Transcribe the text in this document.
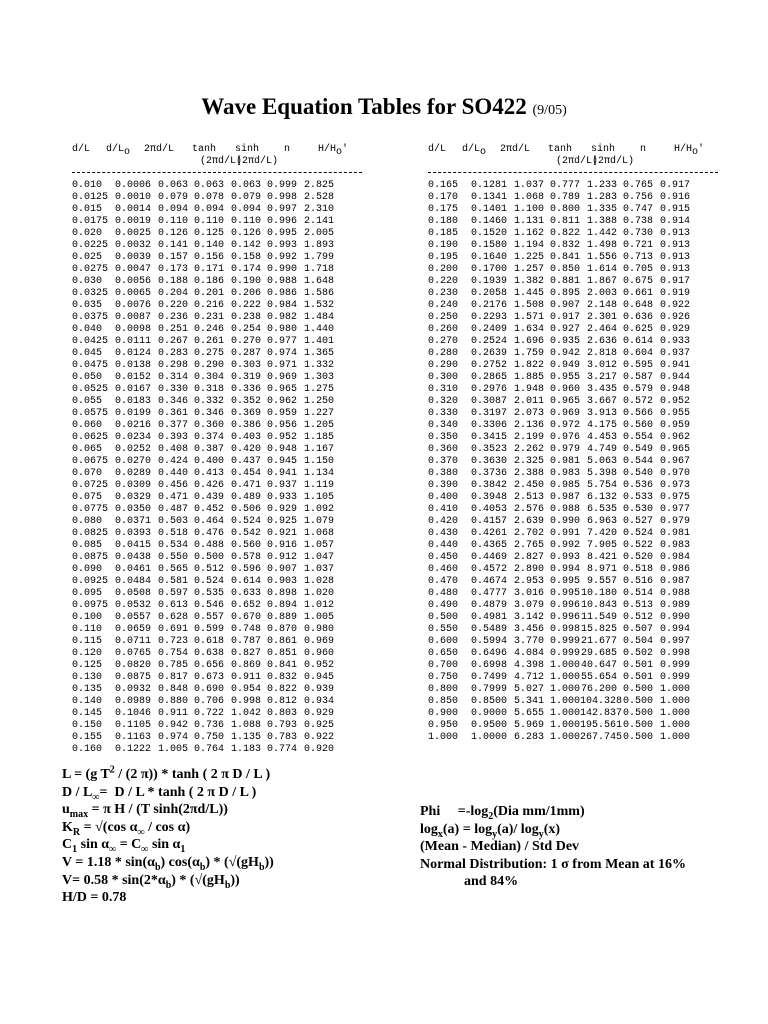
Wave Equation Tables for SO422 (9/05)
d/L $d/L_o$ 2πd/L tanh sinh n	$H/H_o'$
(2πd/L)
(2πd/L)
0.010 0.0006 0.063 0.063 0.063 0.999 2.825
0.0125 0.0010 0.079 0.078 0.079 0.998 2.528
0.015 0.0014 0.094 0.094 0.094 0.997 2.310
0.0175 0.0019 0.110 0.110 0.110 0.996 2.141
0.020 0.0025 0.126 0.125 0.126 0.995 2.005
0.0225 0.0032 0.141 0.140 0.142 0.993 1.893
0.025 0.0039 0.157 0.156 0.158 0.992 1.799
0.0275 0.0047 0.173 0.171 0.174 0.990 1.718
0.030 0.0056 0.188 0.186 0.190 0.988 1.648
0.0325 0.0065 0.204 0.201 0.206 0.986 1.586
0.035 0.0076 0.220 0.216 0.222 0.984 1.532
0.0375 0.0087 0.236 0.231 0.238 0.982 1.484
0.040 0.0098 0.251 0.246 0.254 0.980 1.440
0.0425 0.0111 0.267 0.261 0.270 0.977 1.401
0.045 0.0124 0.283 0.275 0.287 0.974 1.365
0.0475 0.0138 0.298 0.290 0.303 0.971 1.332
0.050 0.0152 0.314 0.304 0.319 0.969 1.303
0.0525 0.0167 0.330 0.318 0.336 0.965 1.275
0.055 0.0183 0.346 0.332 0.352 0.962 1.250
0.0575 0.0199 0.361 0.346 0.369 0.959 1.227
0.060 0.0216 0.377 0.360 0.386 0.956 1.205
0.0625 0.0234 0.393 0.374 0.403 0.952 1.185
0.065 0.0252 0.408 0.387 0.420 0.948 1.167
0.0675 0.0270 0.424 0.400 0.437 0.945 1.150
0.070 0.0289 0.440 0.413 0.454 0.941 1.134
0.0725 0.0309 0.456 0.426 0.471 0.937 1.119
0.075 0.0329 0.471 0.439 0.489 0.933 1.105
0.0775 0.0350 0.487 0.452 0.506 0.929 1.092
0.080 0.0371 0.503 0.464 0.524 0.925 1.079
0.0825 0.0393 0.518 0.476 0.542 0.921 1.068
0.085 0.0415 0.534 0.488 0.560 0.916 1.057
0.0875 0.0438 0.550 0.500 0.578 0.912 1.047
0.090 0.0461 0.565 0.512 0.596 0.907 1.037
0.0925 0.0484 0.581 0.524 0.614 0.903 1.028
0.095 0.0508 0.597 0.535 0.633 0.898 1.020
0.0975 0.0532 0.613 0.546 0.652 0.894 1.012
0.100 0.0557 0.628 0.557 0.670 0.889 1.005
0.110 0.0659 0.691 0.599 0.748 0.870 0.980
0.115 0.0711 0.723 0.618 0.787 0.861 0.969
0.120 0.0765 0.754 0.638 0.827 0.851 0.960
0.125 0.0820 0.785 0.656 0.869 0.841 0.952
0.130 0.0875 0.817 0.673 0.911 0.832 0.945
0.135 0.0932 0.848 0.690 0.954 0.822 0.939
0.140 0.0989 0.880 0.706 0.998 0.812 0.934
0.145 0.1046 0.911 0.722 1.042 0.803 0.929
0.150 0.1105 0.942 0.736 1.088 0.793 0.925
0.155 0.1163 0.974 0.750 1.135 0.783 0.922
0.160 0.1222 1.005 0.764 1.183 0.774 0.920
d/L $d/L_o$ 2πd/L tanh sinh n	$H/H_o'$
(2πd/L)
(2πd/L)
0.165 0.1281 1.037 0.777 1.233 0.765 0.917
0.170 0.1341 1.068 0.789 1.283 0.756 0.916
0.175 0.1401 1.100 0.800 1.335 0.747 0.915
0.180 0.1460 1.131 0.811 1.388 0.738 0.914
0.185 0.1520 1.162 0.822 1.442 0.730 0.913
0.190 0.1580 1.194 0.832 1.498 0.721 0.913
0.195 0.1640 1.225 0.841 1.556 0.713 0.913
0.200 0.1700 1.257 0.850 1.614 0.705 0.913
0.220 0.1939 1.382 0.881 1.867 0.675 0.917
0.230 0.2058 1.445 0.895 2.003 0.661 0.919
0.240 0.2176 1.508 0.907 2.148 0.648 0.922
0.250 0.2293 1.571 0.917 2.301 0.636 0.926
0.260 0.2409 1.634 0.927 2.464 0.625 0.929
0.270 0.2524 1.696 0.935 2.636 0.614 0.933
0.280 0.2639 1.759 0.942 2.818 0.604 0.937
0.290 0.2752 1.822 0.949 3.012 0.595 0.941
0.300 0.2865 1.885 0.955 3.217 0.587 0.944
0.310 0.2976 1.948 0.960 3.435 0.579 0.948
0.320 0.3087 2.011 0.965 3.667 0.572 0.952
0.330 0.3197 2.073 0.969 3.913 0.566 0.955
0.340 0.3306 2.136 0.972 4.175 0.560 0.959
0.350 0.3415 2.199 0.976 4.453 0.554 0.962
0.360 0.3523 2.262 0.979 4.749 0.549 0.965
0.370 0.3630 2.325 0.981 5.063 0.544 0.967
0.380 0.3736 2.388 0.983 5.398 0.540 0.970
0.390 0.3842 2.450 0.985 5.754 0.536 0.973
0.400 0.3948 2.513 0.987 6.132 0.533 0.975
0.410 0.4053 2.576 0.988 6.535 0.530 0.977
0.420 0.4157 2.639 0.990 6.963 0.527 0.979
0.430 0.4261 2.702 0.991 7.420 0.524 0.981
0.440 0.4365 2.765 0.992 7.905 0.522 0.983
0.450 0.4469 2.827 0.993 8.421 0.520 0.984
0.460 0.4572 2.890 0.994 8.971 0.518 0.986
0.470 0.4674 2.953 0.995 9.557 0.516 0.987
0.480 0.4777 3.016 0.99510.180 0.514 0.988
0.490 0.4879 3.079 0.99610.843 0.513 0.989
0.500 0.4981 3.142 0.99611.549 0.512 0.990
0.550 0.5489 3.456 0.99815.825 0.507 0.994
0.600 0.5994 3.770 0.99921.677 0.504 0.997
0.650 0.6496 4.084 0.99929.685 0.502 0.998
0.700 0.6998 4.398 1.00040.647 0.501 0.999
0.750 0.7499 4.712 1.00055.654 0.501 0.999
0.800 0.7999 5.027 1.00076.200 0.500 1.000
0.850 0.8500 5.341 1.000104.3280.500 1.000
0.900 0.9000 5.655 1.000142.8370.500 1.000
0.950 0.9500 5.969 1.000195.5610.500 1.000
1.000 1.0000 6.283 1.000267.7450.500 1.000
L = (g $T^2 / (2$ π)) * tanh ( 2 π D / L )
$D / L_\infty= D / L * \tanh$ ( 2 π D / L )
$u_{max} = \pi$ H / (T sinh(2πd/L))
$K_R = √(\cos$ $\alpha_\infty$ / cos α)
$C_1$ $\sin \alpha_\infty = C_\infty$ $\sin \alpha_1$
$V = 1.18 * \sin(\alpha_b)$ $\cos(\alpha_b) * (√(gH_b))$
$V= 0.58 * \sin(2*\alpha_b) * (√(gH_b))$
H/D = 0.78
Phi     $=-\log_2(Dia$ mm/1mm)
$\log_x(a) = \log_y(a)/$ $\log_y(x)$
(Mean - Median) / Std Dev
Normal Distribution: 1 σ from Mean at 16%
and 84%
